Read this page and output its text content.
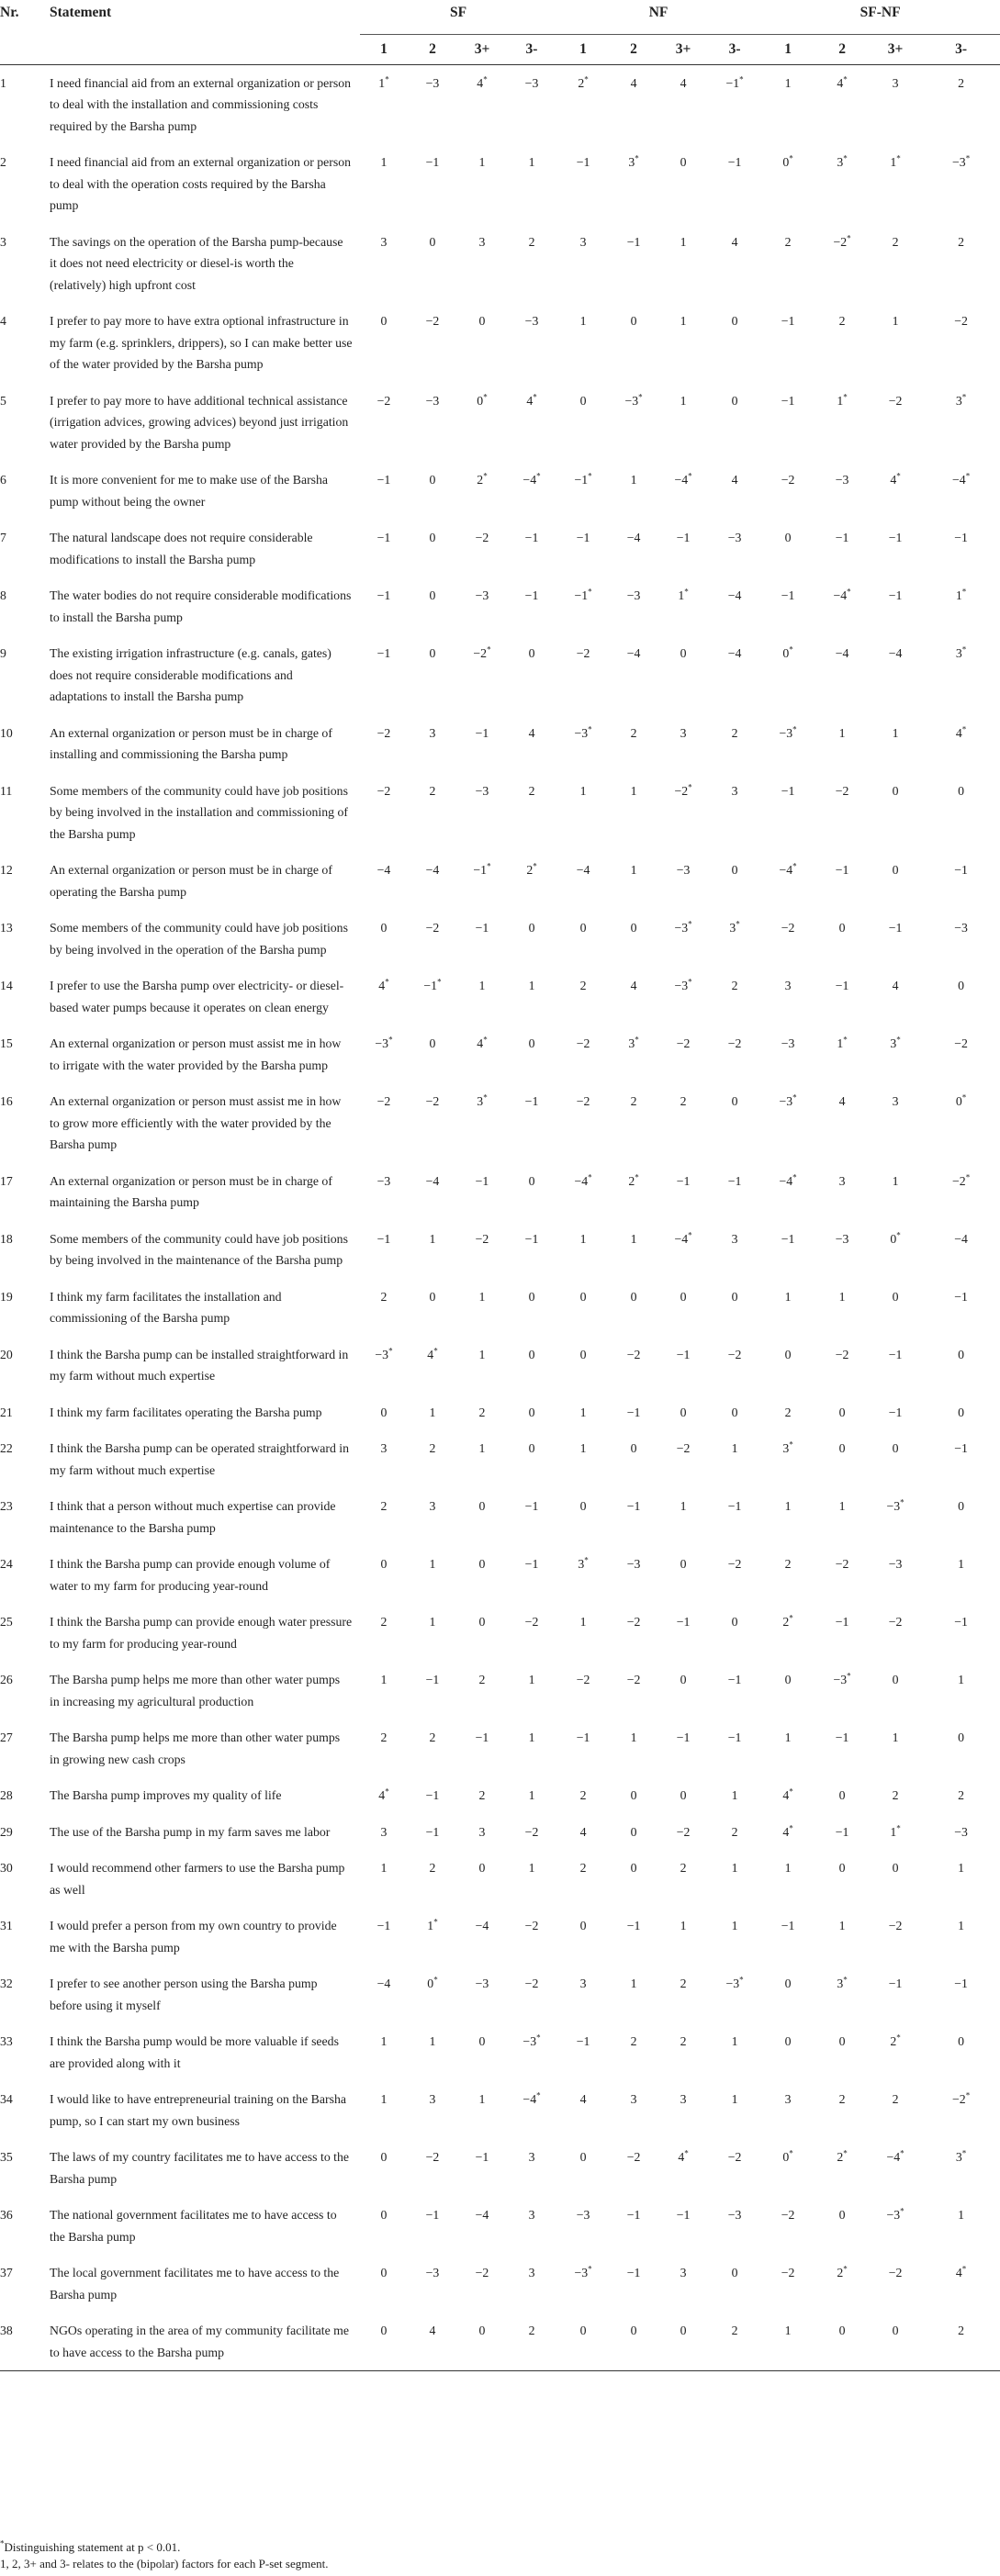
Nr.	Statement	SF				NF				SF-NF			
		1	2	3+	3-	1	2	3+	3-	1	2	3+	3-
1	I need financial aid from an external organization or person to deal with the installation and commissioning costs required by the Barsha pump	1*	−3	4*	−3	2*	4	4	−1*	1	4*	3	2
2	I need financial aid from an external organization or person to deal with the operation costs required by the Barsha pump	1	−1	1	1	−1	3*	0	−1	0*	3*	1*	−3*
3	The savings on the operation of the Barsha pump-because it does not need electricity or diesel-is worth the (relatively) high upfront cost	3	0	3	2	3	−1	1	4	2	−2*	2	2
4	I prefer to pay more to have extra optional infrastructure in my farm (e.g. sprinklers, drippers), so I can make better use of the water provided by the Barsha pump	0	−2	0	−3	1	0	1	0	−1	2	1	−2
5	I prefer to pay more to have additional technical assistance (irrigation advices, growing advices) beyond just irrigation water provided by the Barsha pump	−2	−3	0*	4*	0	−3*	1	0	−1	1*	−2	3*
6	It is more convenient for me to make use of the Barsha pump without being the owner	−1	0	2*	−4*	−1*	1	−4*	4	−2	−3	4*	−4*
7	The natural landscape does not require considerable modifications to install the Barsha pump	−1	0	−2	−1	−1	−4	−1	−3	0	−1	−1	−1
8	The water bodies do not require considerable modifications to install the Barsha pump	−1	0	−3	−1	−1*	−3	1*	−4	−1	−4*	−1	1*
9	The existing irrigation infrastructure (e.g. canals, gates) does not require considerable modifications and adaptations to install the Barsha pump	−1	0	−2*	0	−2	−4	0	−4	0*	−4	−4	3*
10	An external organization or person must be in charge of installing and commissioning the Barsha pump	−2	3	−1	4	−3*	2	3	2	−3*	1	1	4*
11	Some members of the community could have job positions by being involved in the installation and commissioning of the Barsha pump	−2	2	−3	2	1	1	−2*	3	−1	−2	0	0
12	An external organization or person must be in charge of operating the Barsha pump	−4	−4	−1*	2*	−4	1	−3	0	−4*	−1	0	−1
13	Some members of the community could have job positions by being involved in the operation of the Barsha pump	0	−2	−1	0	0	0	−3*	3*	−2	0	−1	−3
14	I prefer to use the Barsha pump over electricity- or diesel-based water pumps because it operates on clean energy	4*	−1*	1	1	2	4	−3*	2	3	−1	4	0
15	An external organization or person must assist me in how to irrigate with the water provided by the Barsha pump	−3*	0	4*	0	−2	3*	−2	−2	−3	1*	3*	−2
16	An external organization or person must assist me in how to grow more efficiently with the water provided by the Barsha pump	−2	−2	3*	−1	−2	2	2	0	−3*	4	3	0*
17	An external organization or person must be in charge of maintaining the Barsha pump	−3	−4	−1	0	−4*	2*	−1	−1	−4*	3	1	−2*
18	Some members of the community could have job positions by being involved in the maintenance of the Barsha pump	−1	1	−2	−1	1	1	−4*	3	−1	−3	0*	−4
19	I think my farm facilitates the installation and commissioning of the Barsha pump	2	0	1	0	0	0	0	0	1	1	0	−1
20	I think the Barsha pump can be installed straightforward in my farm without much expertise	−3*	4*	1	0	0	−2	−1	−2	0	−2	−1	0
21	I think my farm facilitates operating the Barsha pump	0	1	2	0	1	−1	0	0	2	0	−1	0
22	I think the Barsha pump can be operated straightforward in my farm without much expertise	3	2	1	0	1	0	−2	1	3*	0	0	−1
23	I think that a person without much expertise can provide maintenance to the Barsha pump	2	3	0	−1	0	−1	1	−1	1	1	−3*	0
24	I think the Barsha pump can provide enough volume of water to my farm for producing year-round	0	1	0	−1	3*	−3	0	−2	2	−2	−3	1
25	I think the Barsha pump can provide enough water pressure to my farm for producing year-round	2	1	0	−2	1	−2	−1	0	2*	−1	−2	−1
26	The Barsha pump helps me more than other water pumps in increasing my agricultural production	1	−1	2	1	−2	−2	0	−1	0	−3*	0	1
27	The Barsha pump helps me more than other water pumps in growing new cash crops	2	2	−1	1	−1	1	−1	−1	1	−1	1	0
28	The Barsha pump improves my quality of life	4*	−1	2	1	2	0	0	1	4*	0	2	2
29	The use of the Barsha pump in my farm saves me labor	3	−1	3	−2	4	0	−2	2	4*	−1	1*	−3
30	I would recommend other farmers to use the Barsha pump as well	1	2	0	1	2	0	2	1	1	0	0	1
31	I would prefer a person from my own country to provide me with the Barsha pump	−1	1*	−4	−2	0	−1	1	1	−1	1	−2	1
32	I prefer to see another person using the Barsha pump before using it myself	−4	0*	−3	−2	3	1	2	−3*	0	3*	−1	−1
33	I think the Barsha pump would be more valuable if seeds are provided along with it	1	1	0	−3*	−1	2	2	1	0	0	2*	0
34	I would like to have entrepreneurial training on the Barsha pump, so I can start my own business	1	3	1	−4*	4	3	3	1	3	2	2	−2*
35	The laws of my country facilitates me to have access to the Barsha pump	0	−2	−1	3	0	−2	4*	−2	0*	2*	−4*	3*
36	The national government facilitates me to have access to the Barsha pump	0	−1	−4	3	−3	−1	−1	−3	−2	0	−3*	1
37	The local government facilitates me to have access to the Barsha pump	0	−3	−2	3	−3*	−1	3	0	−2	2*	−2	4*
38	NGOs operating in the area of my community facilitate me to have access to the Barsha pump	0	4	0	2	0	0	0	2	1	0	0	2
*Distinguishing statement at p < 0.01.
1, 2, 3+ and 3- relates to the (bipolar) factors for each P-set segment.
